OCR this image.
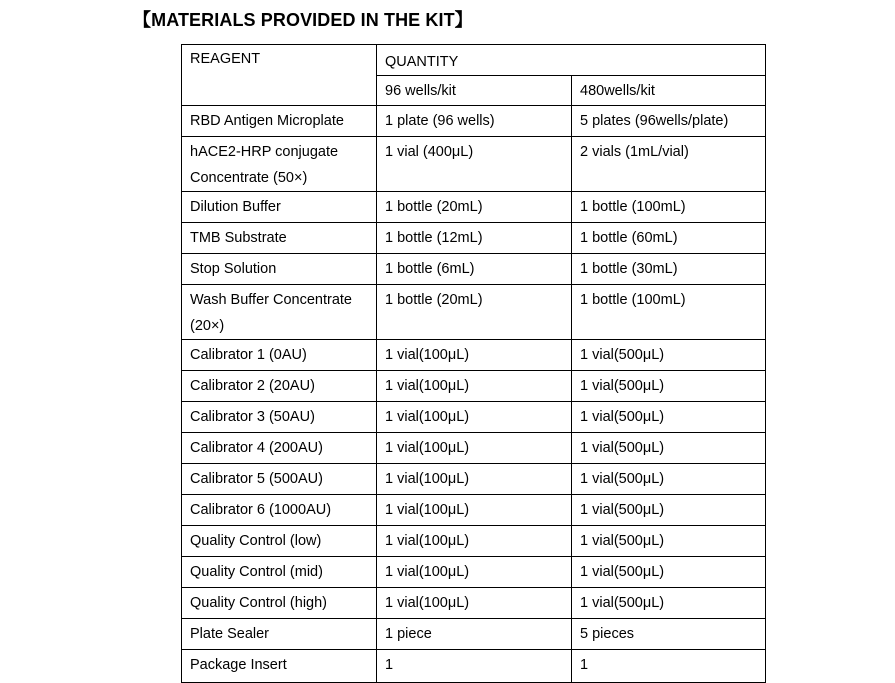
【MATERIALS PROVIDED IN THE KIT】
REAGENT	QUANTITY	
	96 wells/kit	480wells/kit

RBD Antigen Microplate	1 plate (96 wells)	5 plates (96wells/plate)

hACE2-HRP conjugate
Concentrate (50×)	1 vial (400μL)	2 vials (1mL/vial)

Dilution Buffer	1 bottle (20mL)	1 bottle (100mL)

TMB Substrate	1 bottle (12mL)	1 bottle (60mL)

Stop Solution	1 bottle (6mL)	1 bottle (30mL)

Wash Buffer Concentrate
(20×)	1 bottle (20mL)	1 bottle (100mL)

Calibrator 1 (0AU)	1 vial(100μL)	1 vial(500μL)

Calibrator 2 (20AU)	1 vial(100μL)	1 vial(500μL)

Calibrator 3 (50AU)	1 vial(100μL)	1 vial(500μL)

Calibrator 4 (200AU)	1 vial(100μL)	1 vial(500μL)

Calibrator 5 (500AU)	1 vial(100μL)	1 vial(500μL)

Calibrator 6 (1000AU)	1 vial(100μL)	1 vial(500μL)

Quality Control (low)	1 vial(100μL)	1 vial(500μL)

Quality Control (mid)	1 vial(100μL)	1 vial(500μL)

Quality Control (high)	1 vial(100μL)	1 vial(500μL)

Plate Sealer	1 piece	5 pieces

Package Insert	1	1
